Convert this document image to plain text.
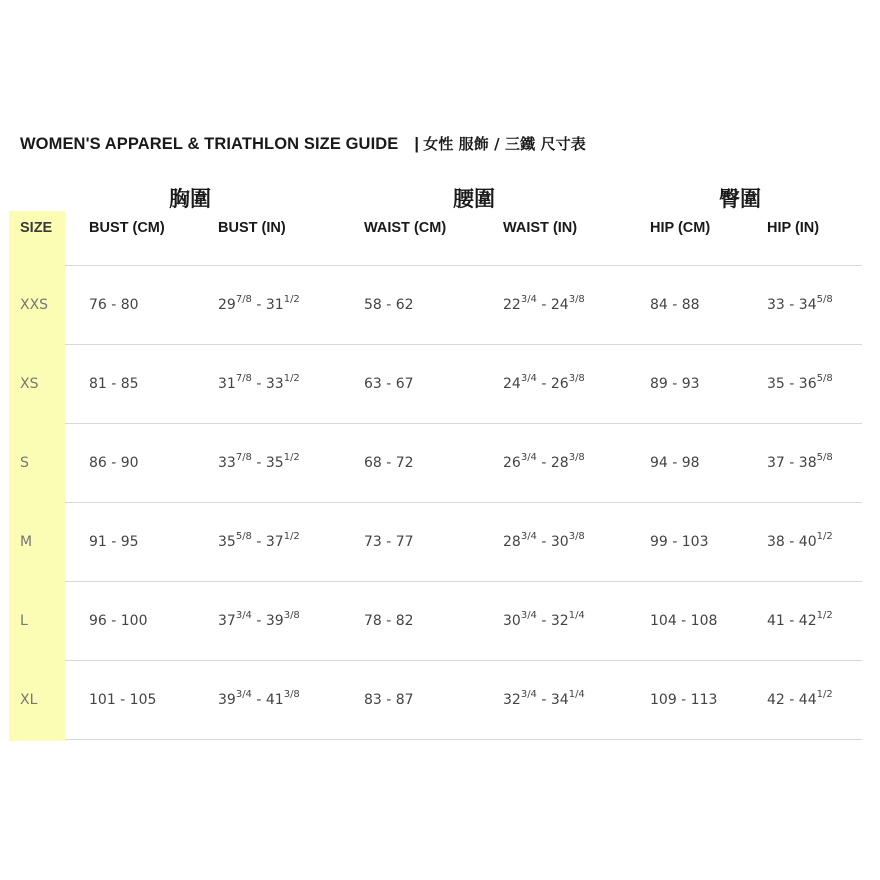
WOMEN'S APPAREL & TRIATHLON SIZE GUIDE | 女性 服飾 / 三鐵 尺寸表
胸圍	腰圍	臀圍
SIZE	BUST (CM)	BUST (IN)	WAIST (CM)	WAIST (IN)	HIP (CM)	HIP (IN)
XXS	76 - 80	$29^{7/8} - 31^{1/2}$	58 - 62	$22^{3/4} - 24^{3/8}$	84 - 88	$33 - 34^{5/8}$
XS	81 - 85	$31^{7/8} - 33^{1/2}$	63 - 67	$24^{3/4} - 26^{3/8}$	89 - 93	$35 - 36^{5/8}$
S	86 - 90	$33^{7/8} - 35^{1/2}$	68 - 72	$26^{3/4} - 28^{3/8}$	94 - 98	$37 - 38^{5/8}$
M	91 - 95	$35^{5/8} - 37^{1/2}$	73 - 77	$28^{3/4} - 30^{3/8}$	99 - 103	$38 - 40^{1/2}$
L	96 - 100	$37^{3/4} - 39^{3/8}$	78 - 82	$30^{3/4} - 32^{1/4}$	104 - 108	$41 - 42^{1/2}$
XL	101 - 105	$39^{3/4} - 41^{3/8}$	83 - 87	$32^{3/4} - 34^{1/4}$	109 - 113	$42 - 44^{1/2}$
